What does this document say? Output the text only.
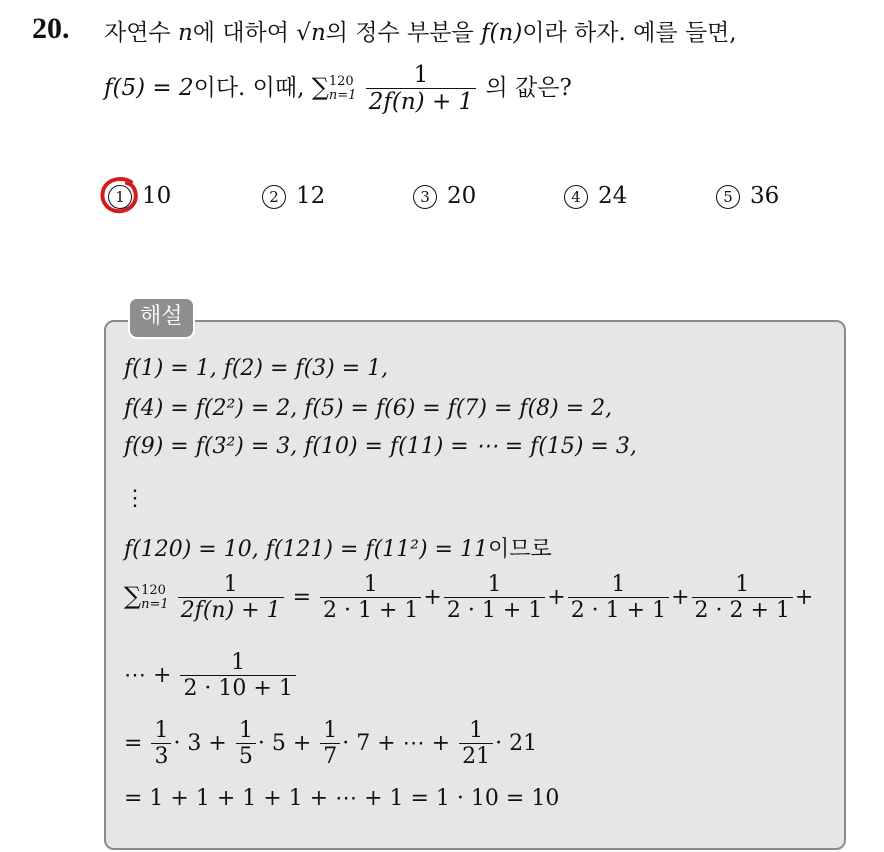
20. 자연수 n에 대하여 √n의 정수 부분을 f(n)이라 하자. 예를 들면,
f(5) = 2이다. 이때, ∑120
$n=1 \frac{1}{2f(n) + 1}$ 의 값은?
1 10	2 12	3 20	4 24	5 36
해설
f(1) = 1, f(2) = f(3) = 1,
f(4) = f(2²) = 2, f(5) = f(6) = f(7) = f(8) = 2,
f(9) = f(3²) = 3, f(10) = f(11) = ⋯ = f(15) = 3,
⋮
f(120) = 10, f(121) = f(11²) = 11이므로
∑120
$n=1 \frac{1}{2f(n) + 1} = \frac{1}{2 \cdot 1 + 1} + \frac{1}{2 \cdot 1 + 1} + \frac{1}{2 \cdot 1 + 1} + \frac{1}{2 \cdot 2 + 1}$ +
⋯ + $\frac{1}{2 \cdot 10 + 1}$
= $\frac{1}{3} \cdot 3 + \frac{1}{5} \cdot 5 + \frac{1}{7} \cdot 7$ + ⋯ + $\frac{1}{21} \cdot 21$
= 1 + 1 + 1 + 1 + ⋯ + 1 = 1 · 10 = 10
